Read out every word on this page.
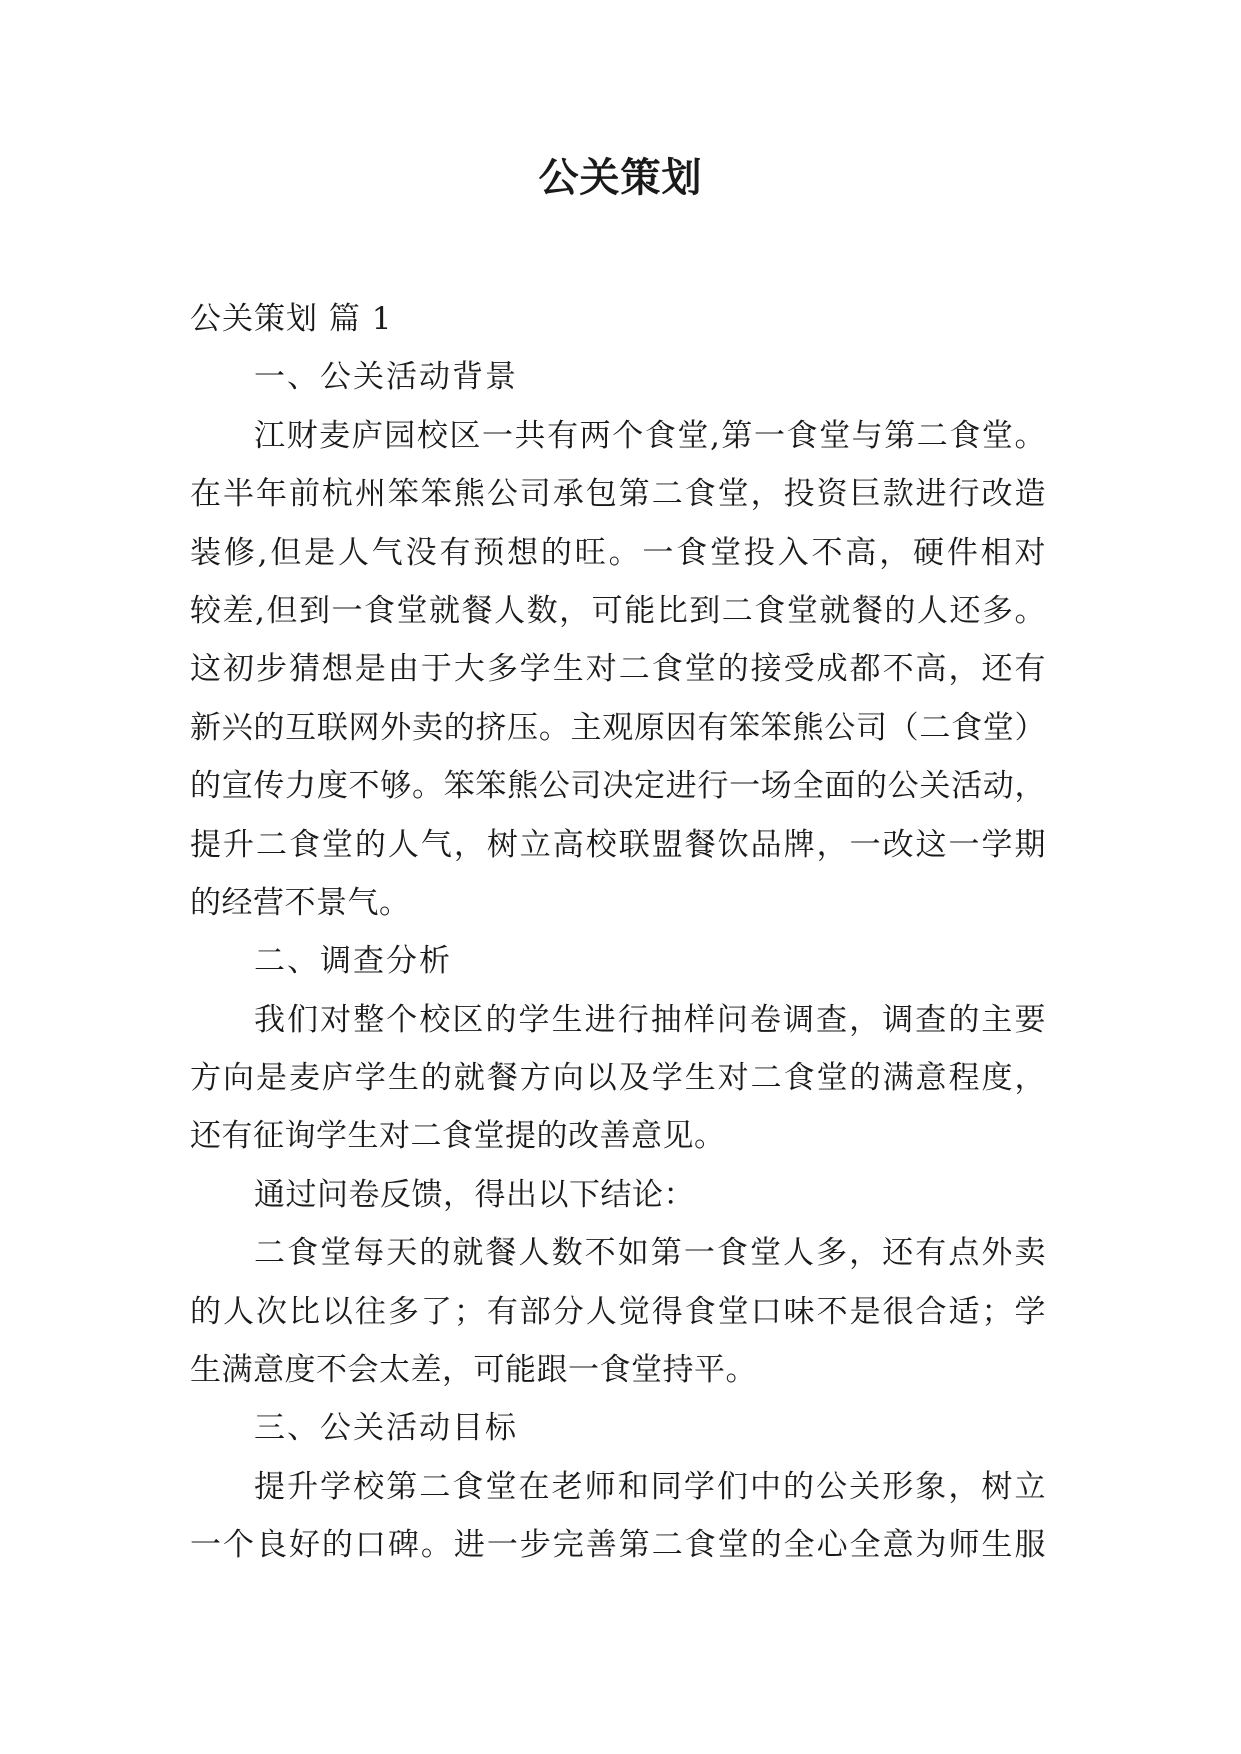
公关策划
公关策划 篇 1
一、公关活动背景
江财麦庐园校区一共有两个食堂,第一食堂与第二食堂。
在半年前杭州笨笨熊公司承包第二食堂，投资巨款进行改造
装修,但是人气没有预想的旺。一食堂投入不高，硬件相对
较差,但到一食堂就餐人数，可能比到二食堂就餐的人还多。
这初步猜想是由于大多学生对二食堂的接受成都不高，还有
新兴的互联网外卖的挤压。主观原因有笨笨熊公司（二食堂）
的宣传力度不够。笨笨熊公司决定进行一场全面的公关活动，
提升二食堂的人气，树立高校联盟餐饮品牌，一改这一学期
的经营不景气。
二、调查分析
我们对整个校区的学生进行抽样问卷调查，调查的主要
方向是麦庐学生的就餐方向以及学生对二食堂的满意程度，
还有征询学生对二食堂提的改善意见。
通过问卷反馈，得出以下结论：
二食堂每天的就餐人数不如第一食堂人多，还有点外卖
的人次比以往多了；有部分人觉得食堂口味不是很合适；学
生满意度不会太差，可能跟一食堂持平。
三、公关活动目标
提升学校第二食堂在老师和同学们中的公关形象，树立
一个良好的口碑。进一步完善第二食堂的全心全意为师生服
